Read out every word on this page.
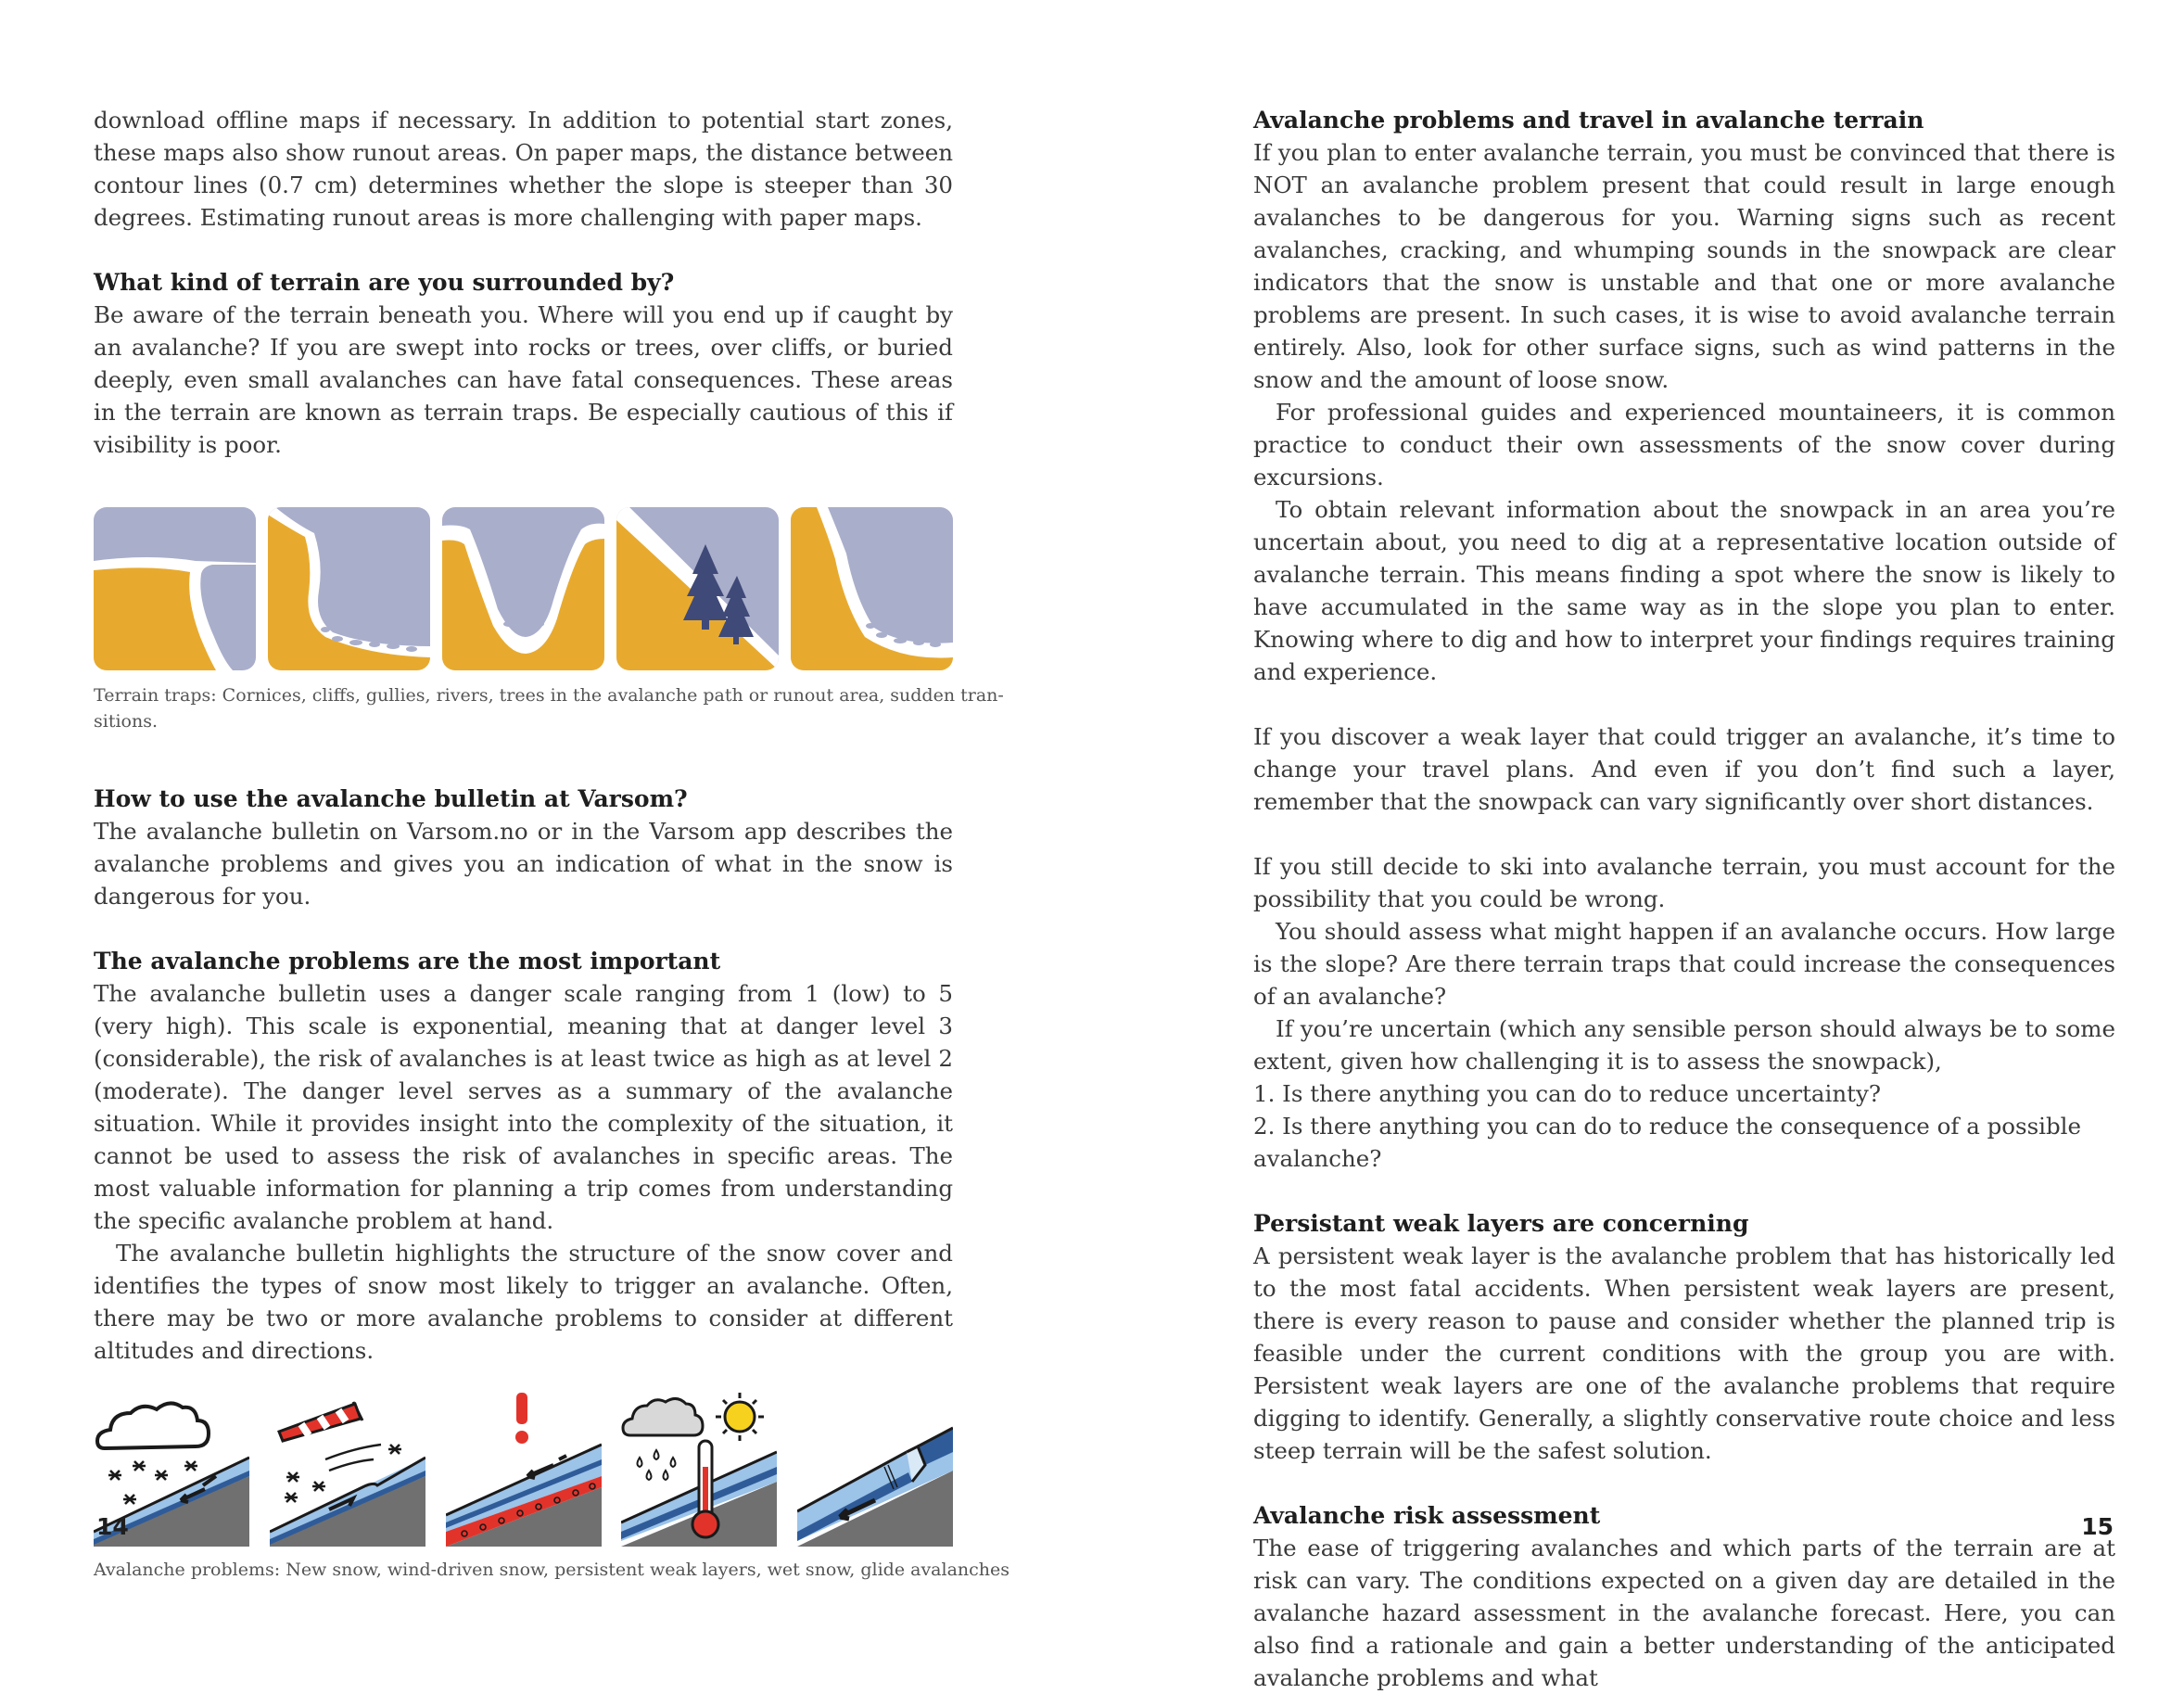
download offline maps if necessary. In addition to potential start zones, these maps also show runout areas. On paper maps, the distance between contour lines (0.7 cm) determines whether the slope is steeper than 30 degrees. Estimating runout areas is more challenging with paper maps.

What kind of terrain are you surrounded by?

Be aware of the terrain beneath you. Where will you end up if caught by an avalanche? If you are swept into rocks or trees, over cliffs, or buried deeply, even small avalanches can have fatal consequences. These areas in the terrain are known as terrain traps. Be especially cautious of this if visibility is poor.

Terrain traps: Cornices, cliffs, gullies, rivers, trees in the avalanche path or runout area, sudden tran-

sitions.

How to use the avalanche bulletin at Varsom?

The avalanche bulletin on Varsom.no or in the Varsom app describes the avalanche problems and gives you an indication of what in the snow is dangerous for you.

The avalanche problems are the most important

The avalanche bulletin uses a danger scale ranging from 1 (low) to 5 (very high). This scale is exponential, meaning that at danger level 3 (considerable), the risk of avalanches is at least twice as high as at level 2 (moderate). The danger level serves as a summary of the avalanche situation. While it provides insight into the complexity of the situation, it cannot be used to assess the risk of avalanches in specific areas. The most valuable information for planning a trip comes from understanding the specific avalanche problem at hand.

The avalanche bulletin highlights the structure of the snow cover and identifies the types of snow most likely to trigger an avalanche. Often, there may be two or more avalanche problems to consider at different altitudes and directions.

Avalanche problems: New snow, wind-driven snow, persistent weak layers, wet snow, glide avalanches

14
Avalanche problems and travel in avalanche terrain

If you plan to enter avalanche terrain, you must be convinced that there is NOT an avalanche problem present that could result in large enough avalanches to be dangerous for you. Warning signs such as recent avalanches, cracking, and whumping sounds in the snowpack are clear indicators that the snow is unstable and that one or more avalanche problems are present. In such cases, it is wise to avoid avalanche terrain entirely. Also, look for other surface signs, such as wind patterns in the snow and the amount of loose snow.

For professional guides and experienced mountaineers, it is common practice to conduct their own assessments of the snow cover during excursions.

To obtain relevant information about the snowpack in an area you’re uncertain about, you need to dig at a representative location outside of avalanche terrain. This means finding a spot where the snow is likely to have accumulated in the same way as in the slope you plan to enter. Knowing where to dig and how to interpret your findings requires training and experience.

If you discover a weak layer that could trigger an avalanche, it’s time to change your travel plans. And even if you don’t find such a layer, remember that the snowpack can vary significantly over short distances.

If you still decide to ski into avalanche terrain, you must account for the possibility that you could be wrong.

You should assess what might happen if an avalanche occurs. How large is the slope? Are there terrain traps that could increase the consequences of an avalanche?

If you’re uncertain (which any sensible person should always be to some extent, given how challenging it is to assess the snowpack),

1. Is there anything you can do to reduce uncertainty?
2. Is there anything you can do to reduce the consequence of a possible avalanche?
Persistant weak layers are concerning

A persistent weak layer is the avalanche problem that has historically led to the most fatal accidents. When persistent weak layers are present, there is every reason to pause and consider whether the planned trip is feasible under the current conditions with the group you are with. Persistent weak layers are one of the avalanche problems that require digging to identify. Generally, a slightly conservative route choice and less steep terrain will be the safest solution.

Avalanche risk assessment

The ease of triggering avalanches and which parts of the terrain are at risk can vary. The conditions expected on a given day are detailed in the avalanche hazard assessment in the avalanche forecast. Here, you can also find a rationale and gain a better understanding of the anticipated avalanche problems and what

15
